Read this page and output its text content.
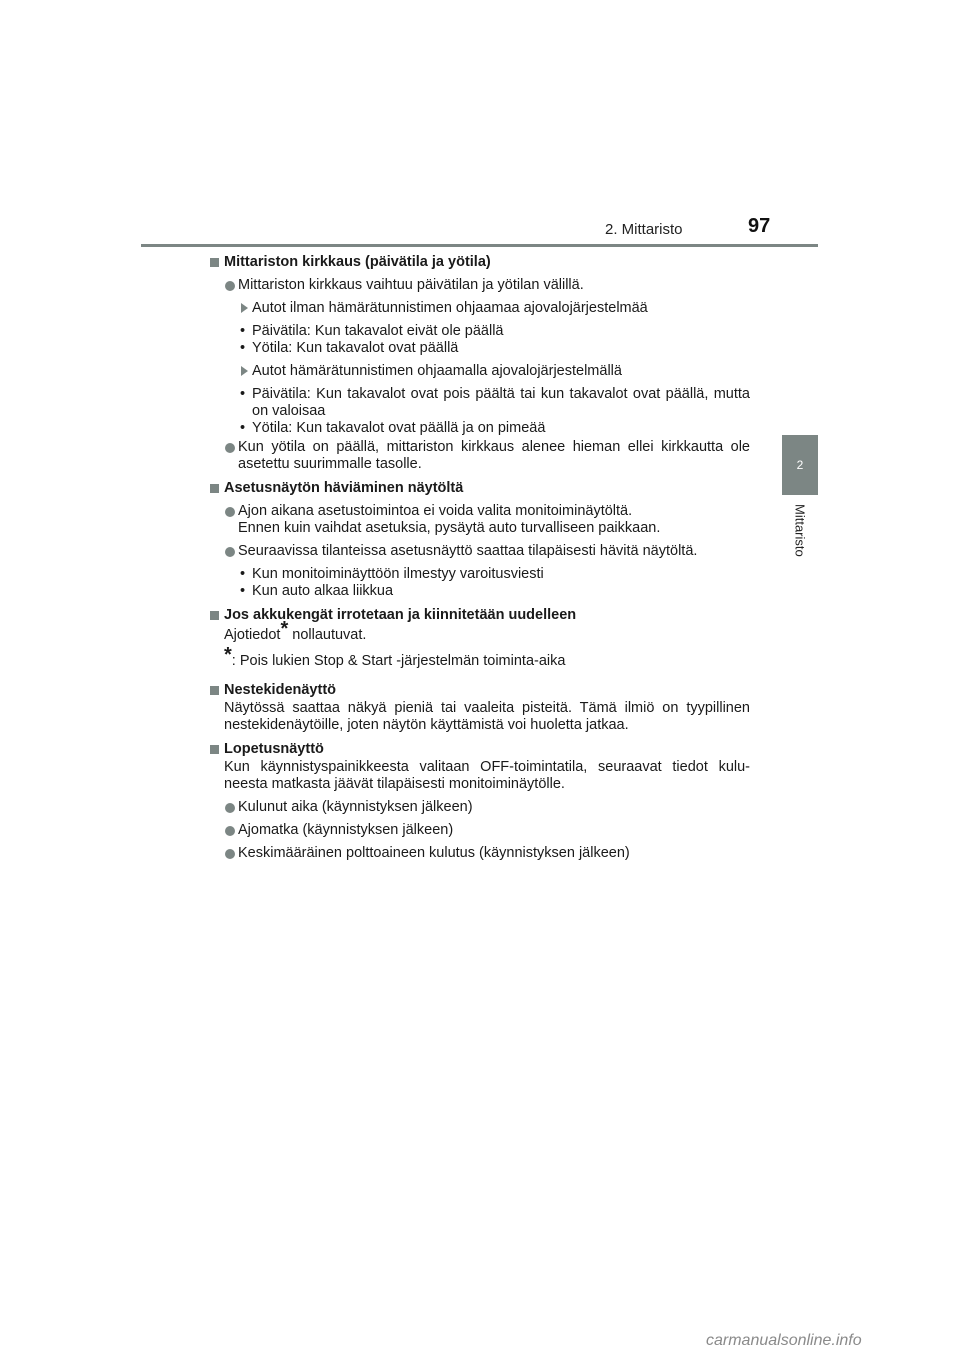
2. Mittaristo	97
2
Mittaristo
Mittariston kirkkaus (päivätila ja yötila)
Mittariston kirkkaus vaihtuu päivätilan ja yötilan välillä.
Autot ilman hämärätunnistimen ohjaamaa ajovalojärjestelmää
• Päivätila: Kun takavalot eivät ole päällä
• Yötila: Kun takavalot ovat päällä
Autot hämärätunnistimen ohjaamalla ajovalojärjestelmällä
• Päivätila: Kun takavalot ovat pois päältä tai kun takavalot ovat päällä, mutta on valoisaa
• Yötila: Kun takavalot ovat päällä ja on pimeää
Kun yötila on päällä, mittariston kirkkaus alenee hieman ellei kirkkautta ole asetettu suurimmalle tasolle.
Asetusnäytön häviäminen näytöltä
Ajon aikana asetustoimintoa ei voida valita monitoiminäytöltä.
Ennen kuin vaihdat asetuksia, pysäytä auto turvalliseen paikkaan.
Seuraavissa tilanteissa asetusnäyttö saattaa tilapäisesti hävitä näytöltä.
• Kun monitoiminäyttöön ilmestyy varoitusviesti
• Kun auto alkaa liikkua
Jos akkukengät irrotetaan ja kiinnitetään uudelleen
Ajotiedot* nollautuvat.
*: Pois lukien Stop & Start -järjestelmän toiminta-aika
Nestekidenäyttö
Näytössä saattaa näkyä pieniä tai vaaleita pisteitä. Tämä ilmiö on tyypillinen nestekidenäytöille, joten näytön käyttämistä voi huoletta jatkaa.
Lopetusnäyttö
Kun käynnistyspainikkeesta valitaan OFF-toimintatila, seuraavat tiedot kulu- neesta matkasta jäävät tilapäisesti monitoiminäytölle.
Kulunut aika (käynnistyksen jälkeen)
Ajomatka (käynnistyksen jälkeen)
Keskimääräinen polttoaineen kulutus (käynnistyksen jälkeen)
carmanualsonline.info
